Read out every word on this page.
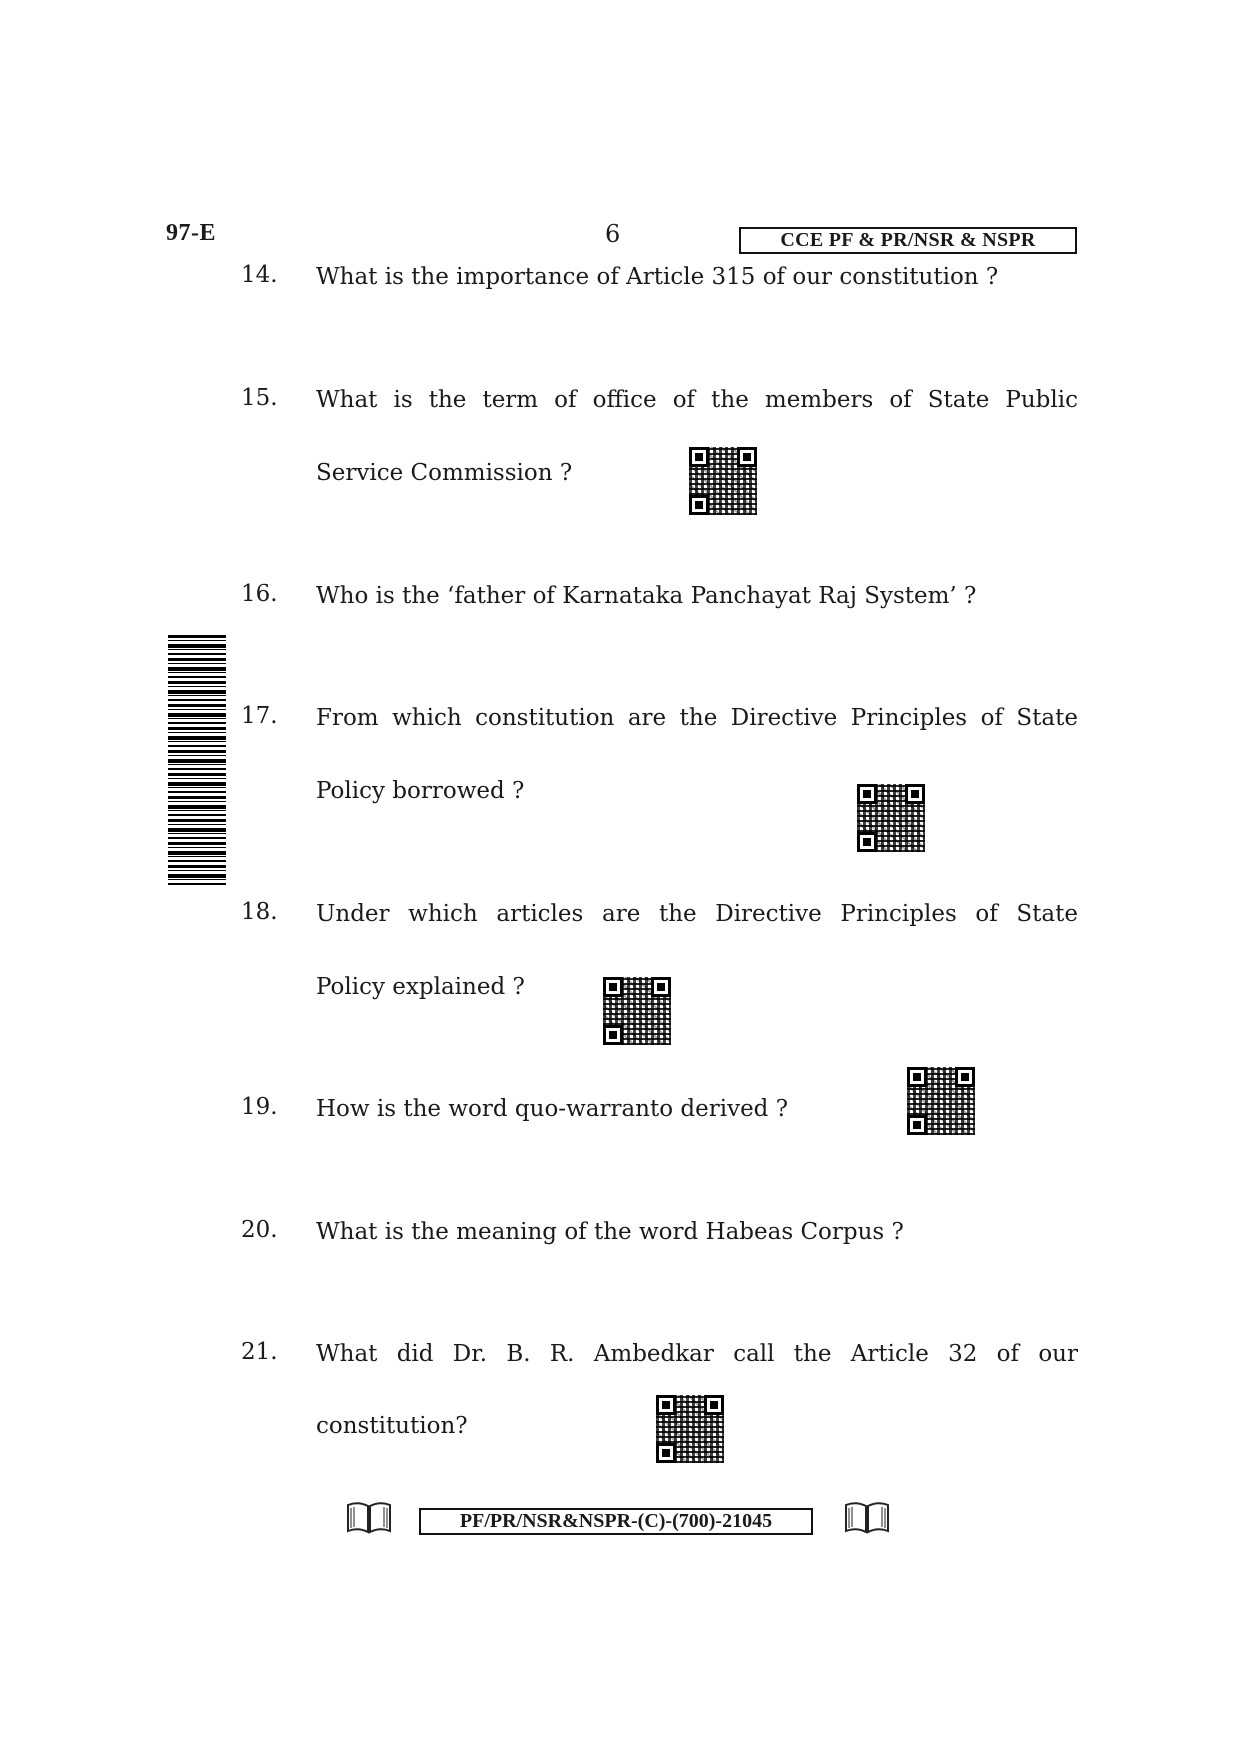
97-E	6	CCE PF & PR/NSR & NSPR
14.	What is the importance of Article 315 of our constitution ?
15.	What is the term of office of the members of State Public
Service Commission ?
16.	Who is the ‘father of Karnataka Panchayat Raj System’ ?
17.	From which constitution are the Directive Principles of State
Policy borrowed ?
18.	Under which articles are the Directive Principles of State
Policy explained ?
19.	How is the word quo-warranto derived ?
20.	What is the meaning of the word Habeas Corpus ?
21.	What did Dr. B. R. Ambedkar call the Article 32 of our
constitution?
PF/PR/NSR&NSPR-(C)-(700)-21045
